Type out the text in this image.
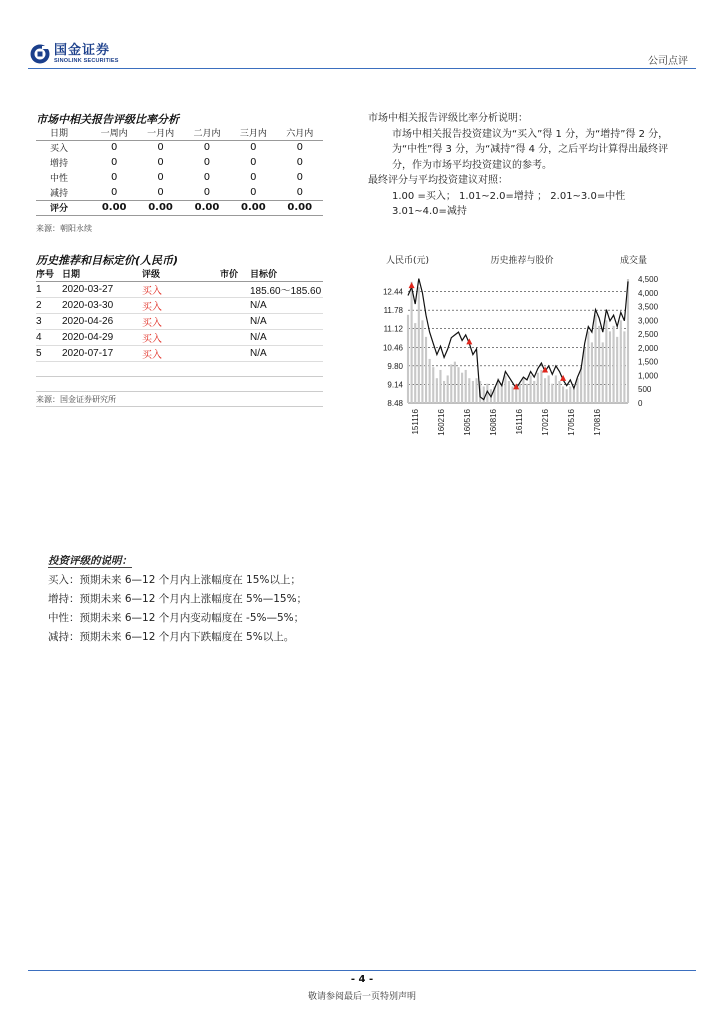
国金证券
SINOLINK SECURITIES	公司点评
市场中相关报告评级比率分析
日期	一周内	一月内	二月内	三月内	六月内
买入	0	0	0	0	0
增持	0	0	0	0	0
中性	0	0	0	0	0
减持	0	0	0	0	0
评分	0.00	0.00	0.00	0.00	0.00
来源：朝阳永续
历史推荐和目标定价(人民币)
序号	日期	评级	市价	目标价
1	2020-03-27	买入		185.60～185.60
2	2020-03-30	买入		N/A
3	2020-04-26	买入		N/A
4	2020-04-29	买入		N/A
5	2020-07-17	买入		N/A

来源：国金证券研究所

市场中相关报告评级比率分析说明：

市场中相关报告投资建议为“买入”得 1 分，为“增持”得 2 分，为“中性”得 3 分，为“减持”得 4 分，之后平均计算得出最终评分，作为市场平均投资建议的参考。

最终评分与平均投资建议对照：

1.00 =买入； 1.01~2.0=增持 ； 2.01~3.0=中性

3.01~4.0=减持

人民币(元)	历史推荐与股价	成交量
12.44
11.78
11.12
10.46
9.80
9.14
8.48
4,500
4,000
3,500
3,000
2,500
2,000
1,500
1,000
500
0
151116 160216 160516 160816 161116 170216 170516 170816
投资评级的说明：
买入：预期未来 6—12 个月内上涨幅度在 15%以上；
增持：预期未来 6—12 个月内上涨幅度在 5%—15%；
中性：预期未来 6—12 个月内变动幅度在 -5%—5%；
减持：预期未来 6—12 个月内下跌幅度在 5%以上。
- 4 -
敬请参阅最后一页特别声明
